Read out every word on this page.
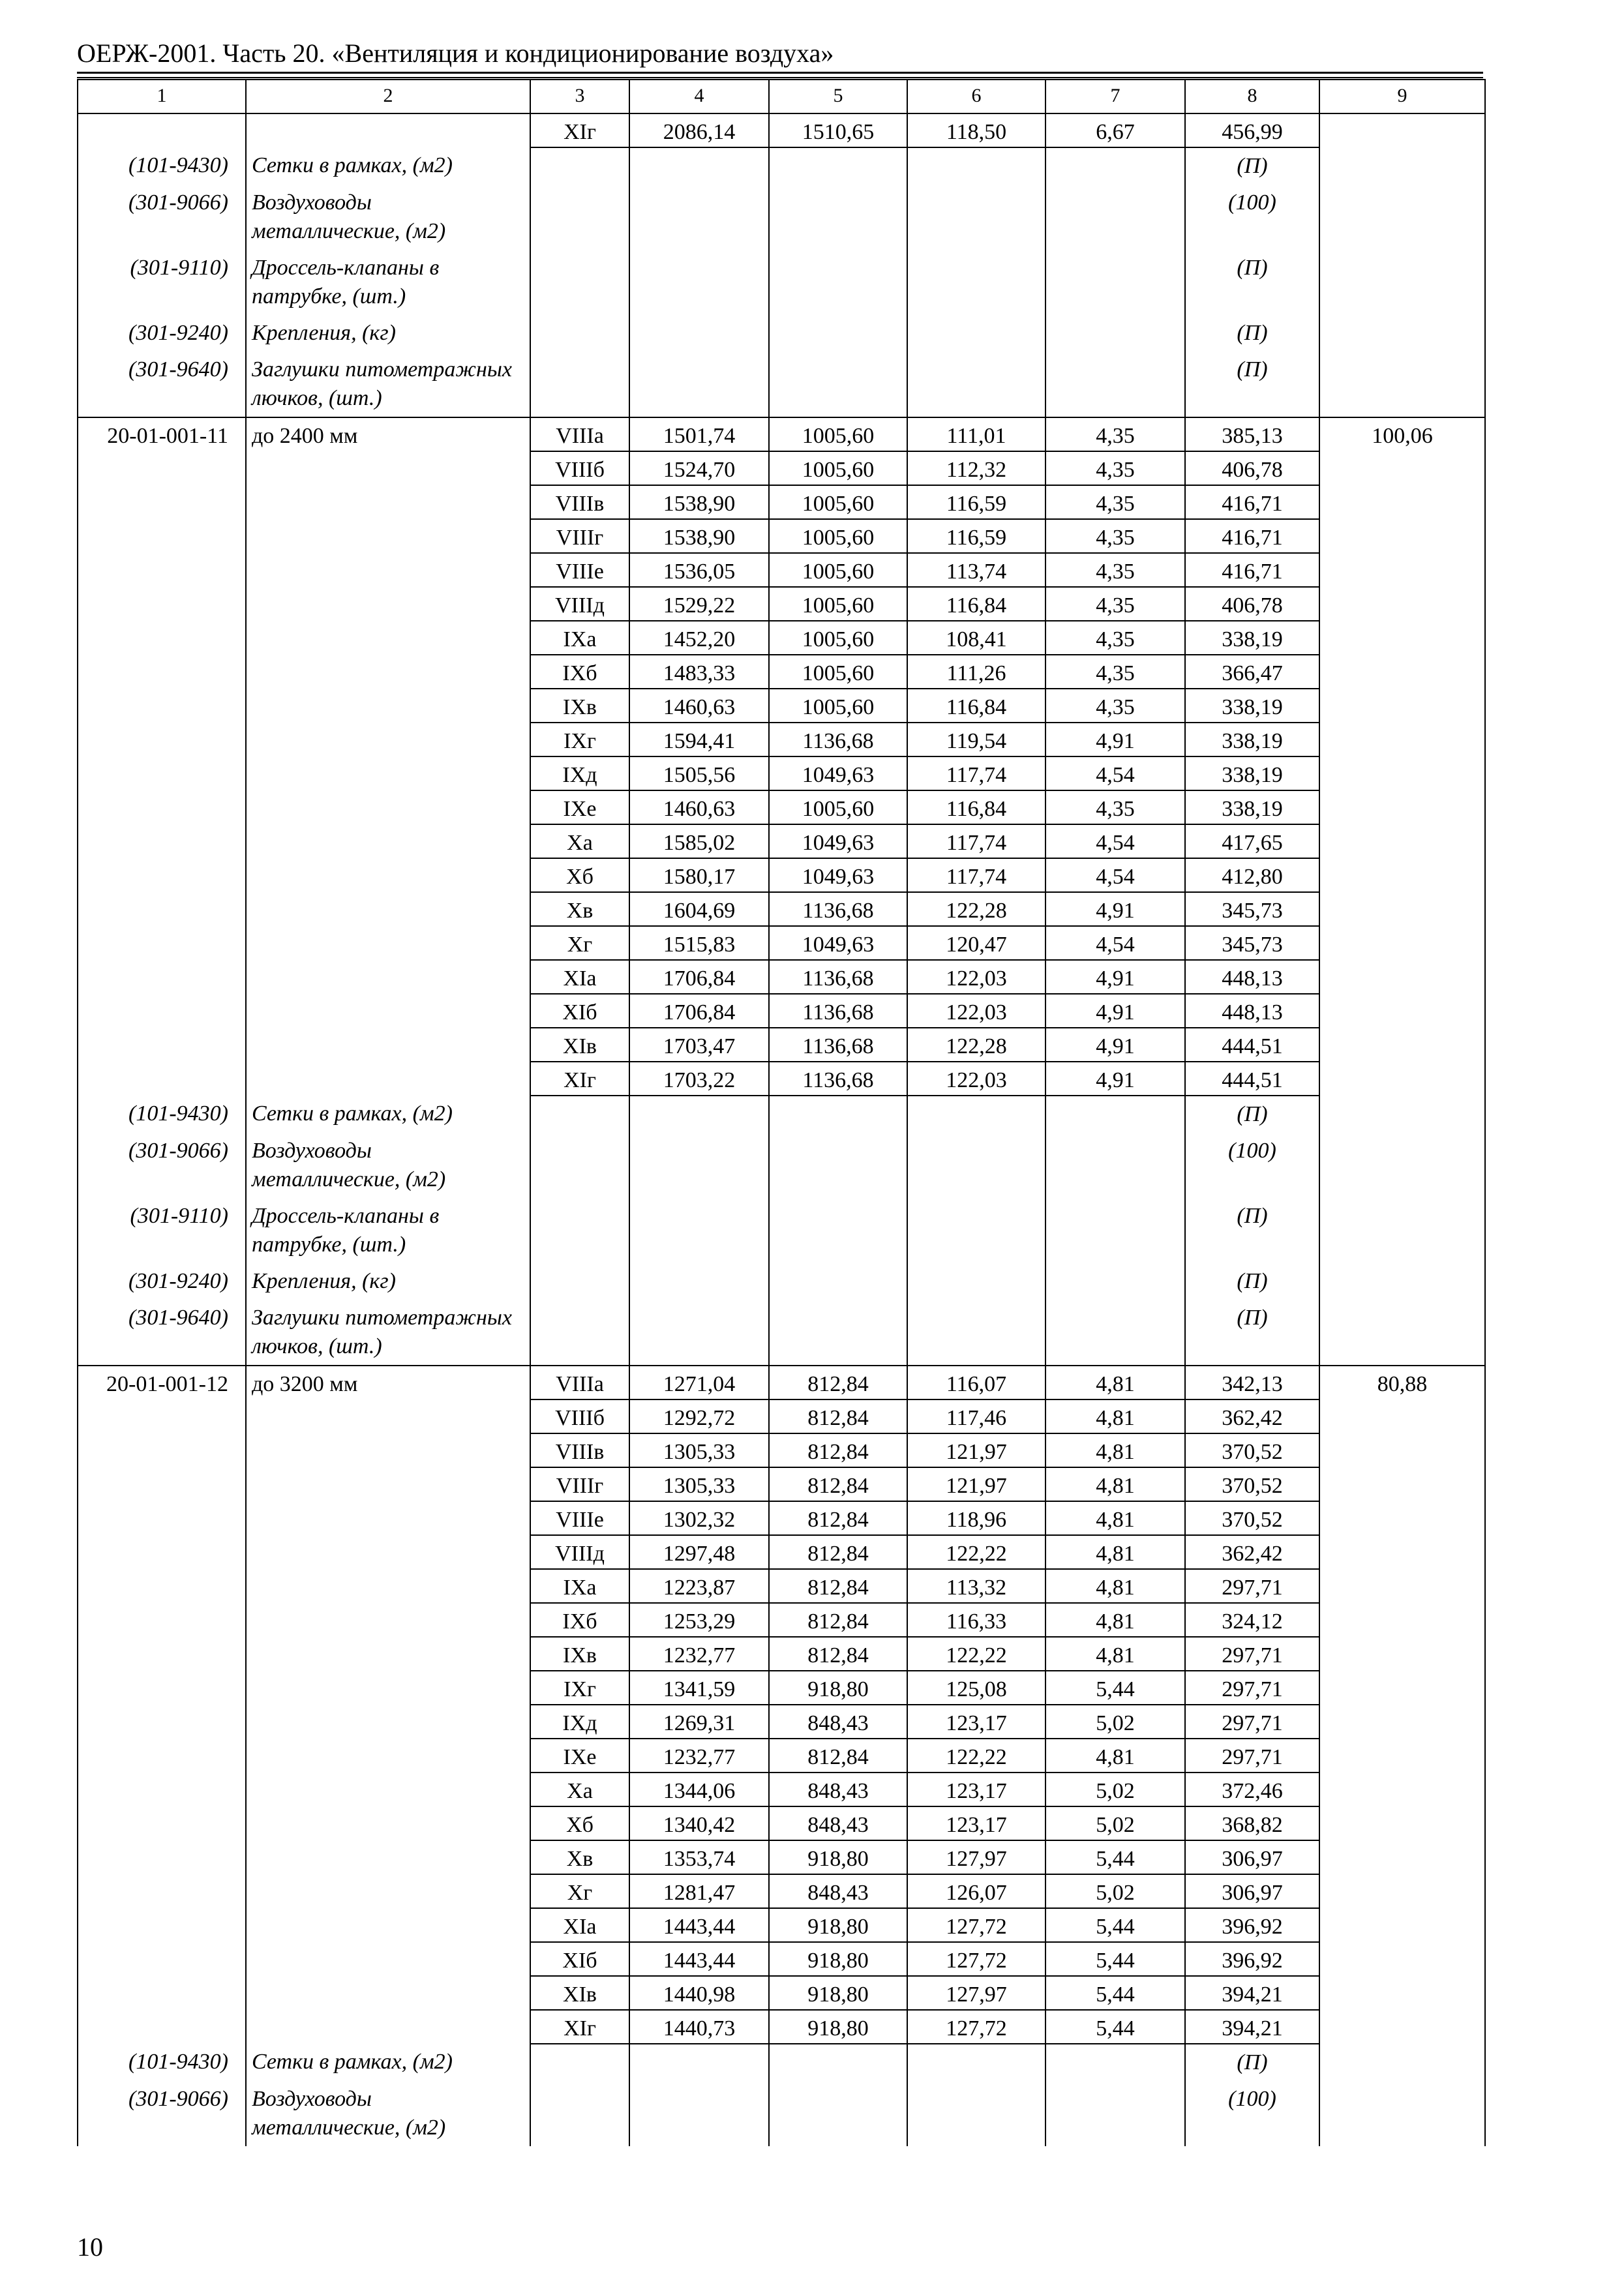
ОЕРЖ-2001. Часть 20. «Вентиляция и кондиционирование воздуха»
1	2	3	4	5	6	7	8	9
		ХIг	2086,14	1510,65	118,50	6,67	456,99	
(101-9430)	Сетки в рамках, (м2)						(П)	
(301-9066)	Воздуховоды металлические, (м2)						(100)	
(301-9110)	Дроссель-клапаны в патрубке, (шт.)						(П)	
(301-9240)	Крепления, (кг)						(П)	
(301-9640)	Заглушки питометражных лючков, (шт.)						(П)	
20-01-001-11	до 2400 мм	VIIIа	1501,74	1005,60	111,01	4,35	385,13	100,06
		VIIIб	1524,70	1005,60	112,32	4,35	406,78	
		VIIIв	1538,90	1005,60	116,59	4,35	416,71	
		VIIIг	1538,90	1005,60	116,59	4,35	416,71	
		VIIIе	1536,05	1005,60	113,74	4,35	416,71	
		VIIIд	1529,22	1005,60	116,84	4,35	406,78	
		IХа	1452,20	1005,60	108,41	4,35	338,19	
		IХб	1483,33	1005,60	111,26	4,35	366,47	
		IХв	1460,63	1005,60	116,84	4,35	338,19	
		IХг	1594,41	1136,68	119,54	4,91	338,19	
		IХд	1505,56	1049,63	117,74	4,54	338,19	
		IХе	1460,63	1005,60	116,84	4,35	338,19	
		Ха	1585,02	1049,63	117,74	4,54	417,65	
		Хб	1580,17	1049,63	117,74	4,54	412,80	
		Хв	1604,69	1136,68	122,28	4,91	345,73	
		Хг	1515,83	1049,63	120,47	4,54	345,73	
		ХIа	1706,84	1136,68	122,03	4,91	448,13	
		ХIб	1706,84	1136,68	122,03	4,91	448,13	
		ХIв	1703,47	1136,68	122,28	4,91	444,51	
		ХIг	1703,22	1136,68	122,03	4,91	444,51	
(101-9430)	Сетки в рамках, (м2)						(П)	
(301-9066)	Воздуховоды металлические, (м2)						(100)	
(301-9110)	Дроссель-клапаны в патрубке, (шт.)						(П)	
(301-9240)	Крепления, (кг)						(П)	
(301-9640)	Заглушки питометражных лючков, (шт.)						(П)	
20-01-001-12	до 3200 мм	VIIIа	1271,04	812,84	116,07	4,81	342,13	80,88
		VIIIб	1292,72	812,84	117,46	4,81	362,42	
		VIIIв	1305,33	812,84	121,97	4,81	370,52	
		VIIIг	1305,33	812,84	121,97	4,81	370,52	
		VIIIе	1302,32	812,84	118,96	4,81	370,52	
		VIIIд	1297,48	812,84	122,22	4,81	362,42	
		IХа	1223,87	812,84	113,32	4,81	297,71	
		IХб	1253,29	812,84	116,33	4,81	324,12	
		IХв	1232,77	812,84	122,22	4,81	297,71	
		IХг	1341,59	918,80	125,08	5,44	297,71	
		IХд	1269,31	848,43	123,17	5,02	297,71	
		IХе	1232,77	812,84	122,22	4,81	297,71	
		Ха	1344,06	848,43	123,17	5,02	372,46	
		Хб	1340,42	848,43	123,17	5,02	368,82	
		Хв	1353,74	918,80	127,97	5,44	306,97	
		Хг	1281,47	848,43	126,07	5,02	306,97	
		ХIа	1443,44	918,80	127,72	5,44	396,92	
		ХIб	1443,44	918,80	127,72	5,44	396,92	
		ХIв	1440,98	918,80	127,97	5,44	394,21	
		ХIг	1440,73	918,80	127,72	5,44	394,21	
(101-9430)	Сетки в рамках, (м2)						(П)	
(301-9066)	Воздуховоды металлические, (м2)						(100)	
10
